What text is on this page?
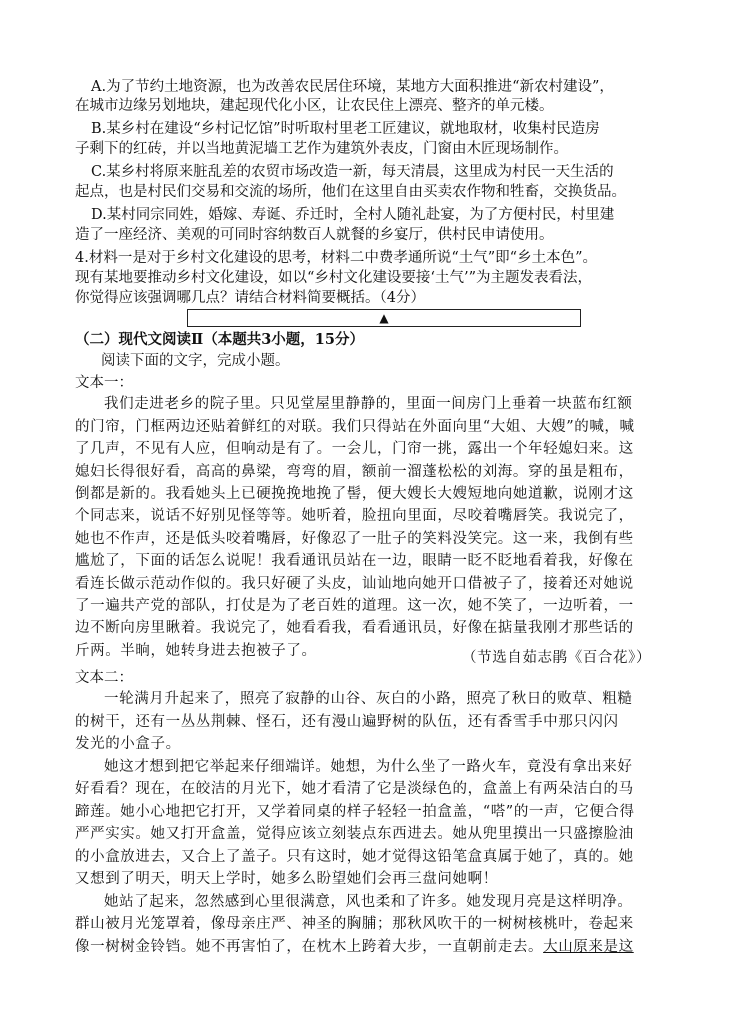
A.为了节约土地资源，也为改善农民居住环境，某地方大面积推进“新农村建设”，
在城市边缘另划地块，建起现代化小区，让农民住上漂亮、整齐的单元楼。
B.某乡村在建设“乡村记忆馆”时听取村里老工匠建议，就地取材，收集村民造房
子剩下的红砖，并以当地黄泥墙工艺作为建筑外表皮，门窗由木匠现场制作。
C.某乡村将原来脏乱差的农贸市场改造一新，每天清晨，这里成为村民一天生活的
起点，也是村民们交易和交流的场所，他们在这里自由买卖农作物和牲畜，交换货品。
D.某村同宗同姓，婚嫁、寿诞、乔迁时，全村人随礼赴宴，为了方便村民，村里建
造了一座经济、美观的可同时容纳数百人就餐的乡宴厅，供村民申请使用。
4.材料一是对于乡村文化建设的思考，材料二中费孝通所说“土气”即“乡土本色”。
现有某地要推动乡村文化建设，如以“乡村文化建设要接‘土气’”为主题发表看法，
你觉得应该强调哪几点？请结合材料简要概括。（4分）
▲
（二）现代文阅读Ⅱ（本题共3小题，15分）
阅读下面的文字，完成小题。
文本一：
我们走进老乡的院子里。只见堂屋里静静的，里面一间房门上垂着一块蓝布红额
的门帘，门框两边还贴着鲜红的对联。我们只得站在外面向里“大姐、大嫂”的喊，喊
了几声，不见有人应，但响动是有了。一会儿，门帘一挑，露出一个年轻媳妇来。这
媳妇长得很好看，高高的鼻梁，弯弯的眉，额前一溜蓬松松的刘海。穿的虽是粗布，
倒都是新的。我看她头上已硬挽挽地挽了髻，便大嫂长大嫂短地向她道歉，说刚才这
个同志来，说话不好别见怪等等。她听着，脸扭向里面，尽咬着嘴唇笑。我说完了，
她也不作声，还是低头咬着嘴唇，好像忍了一肚子的笑料没笑完。这一来，我倒有些
尴尬了，下面的话怎么说呢！我看通讯员站在一边，眼睛一眨不眨地看着我，好像在
看连长做示范动作似的。我只好硬了头皮，讪讪地向她开口借被子了，接着还对她说
了一遍共产党的部队，打仗是为了老百姓的道理。这一次，她不笑了，一边听着，一
边不断向房里瞅着。我说完了，她看看我，看看通讯员，好像在掂量我刚才那些话的
斤两。半晌，她转身进去抱被子了。	（节选自茹志鹃《百合花》）
文本二：
一轮满月升起来了，照亮了寂静的山谷、灰白的小路，照亮了秋日的败草、粗糙
的树干，还有一丛丛荆棘、怪石，还有漫山遍野树的队伍，还有香雪手中那只闪闪
发光的小盒子。
她这才想到把它举起来仔细端详。她想，为什么坐了一路火车，竟没有拿出来好
好看看？现在，在皎洁的月光下，她才看清了它是淡绿色的，盒盖上有两朵洁白的马
蹄莲。她小心地把它打开，又学着同桌的样子轻轻一拍盒盖，“嗒”的一声，它便合得
严严实实。她又打开盒盖，觉得应该立刻装点东西进去。她从兜里摸出一只盛擦脸油
的小盒放进去，又合上了盖子。只有这时，她才觉得这铅笔盒真属于她了，真的。她
又想到了明天，明天上学时，她多么盼望她们会再三盘问她啊！
她站了起来，忽然感到心里很满意，风也柔和了许多。她发现月亮是这样明净。
群山被月光笼罩着，像母亲庄严、神圣的胸脯；那秋风吹干的一树树核桃叶，卷起来
像一树树金铃铛。她不再害怕了，在枕木上跨着大步，一直朝前走去。大山原来是这
